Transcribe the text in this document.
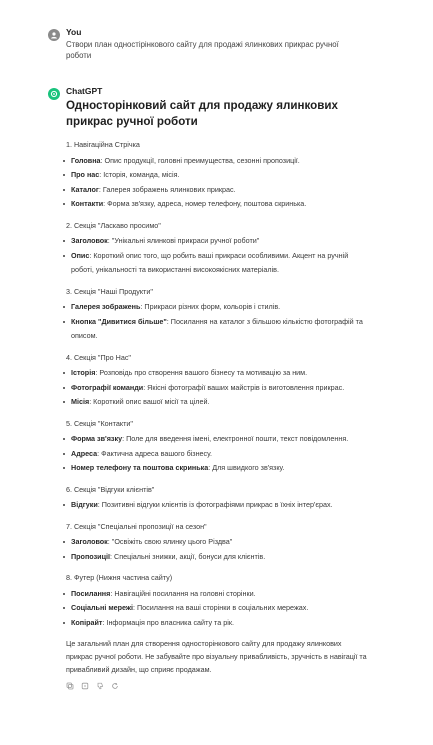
You
Створи план одностірінкового сайту для продажі ялинкових прикрас ручної роботи
ChatGPT
Односторінковий сайт для продажу ялинкових прикрас ручної роботи
1. Навігаційна Стрічка
Головна: Опис продукції, головні преимущества, сезонні пропозиції.
Про нас: Історія, команда, місія.
Каталог: Галерея зображень ялинкових прикрас.
Контакти: Форма зв'язку, адреса, номер телефону, поштова скринька.
2. Секція "Ласкаво просимо"
Заголовок: "Унікальні ялинкові прикраси ручної роботи"
Опис: Короткий опис того, що робить ваші прикраси особливими. Акцент на ручній роботі, унікальності та використанні високоякісних матеріалів.
3. Секція "Наші Продукти"
Галерея зображень: Прикраси різних форм, кольорів і стилів.
Кнопка "Дивитися більше": Посилання на каталог з більшою кількістю фотографій та описом.
4. Секція "Про Нас"
Історія: Розповідь про створення вашого бізнесу та мотивацію за ним.
Фотографії команди: Якісні фотографії ваших майстрів із виготовлення прикрас.
Місія: Короткий опис вашої місії та цілей.
5. Секція "Контакти"
Форма зв'язку: Поле для введення імені, електронної пошти, текст повідомлення.
Адреса: Фактична адреса вашого бізнесу.
Номер телефону та поштова скринька: Для швидкого зв'язку.
6. Секція "Відгуки клієнтів"
Відгуки: Позитивні відгуки клієнтів із фотографіями прикрас в їхніх інтер'єрах.
7. Секція "Спеціальні пропозиції на сезон"
Заголовок: "Освіжіть свою ялинку цього Різдва"
Пропозиції: Спеціальні знижки, акції, бонуси для клієнтів.
8. Футер (Нижня частина сайту)
Посилання: Навігаційні посилання на головні сторінки.
Соціальні мережі: Посилання на ваші сторінки в соціальних мережах.
Копірайт: Інформація про власника сайту та рік.
Це загальний план для створення односторінкового сайту для продажу ялинкових прикрас ручної роботи. Не забувайте про візуальну привабливість, зручність в навігації та привабливий дизайн, що сприяє продажам.
